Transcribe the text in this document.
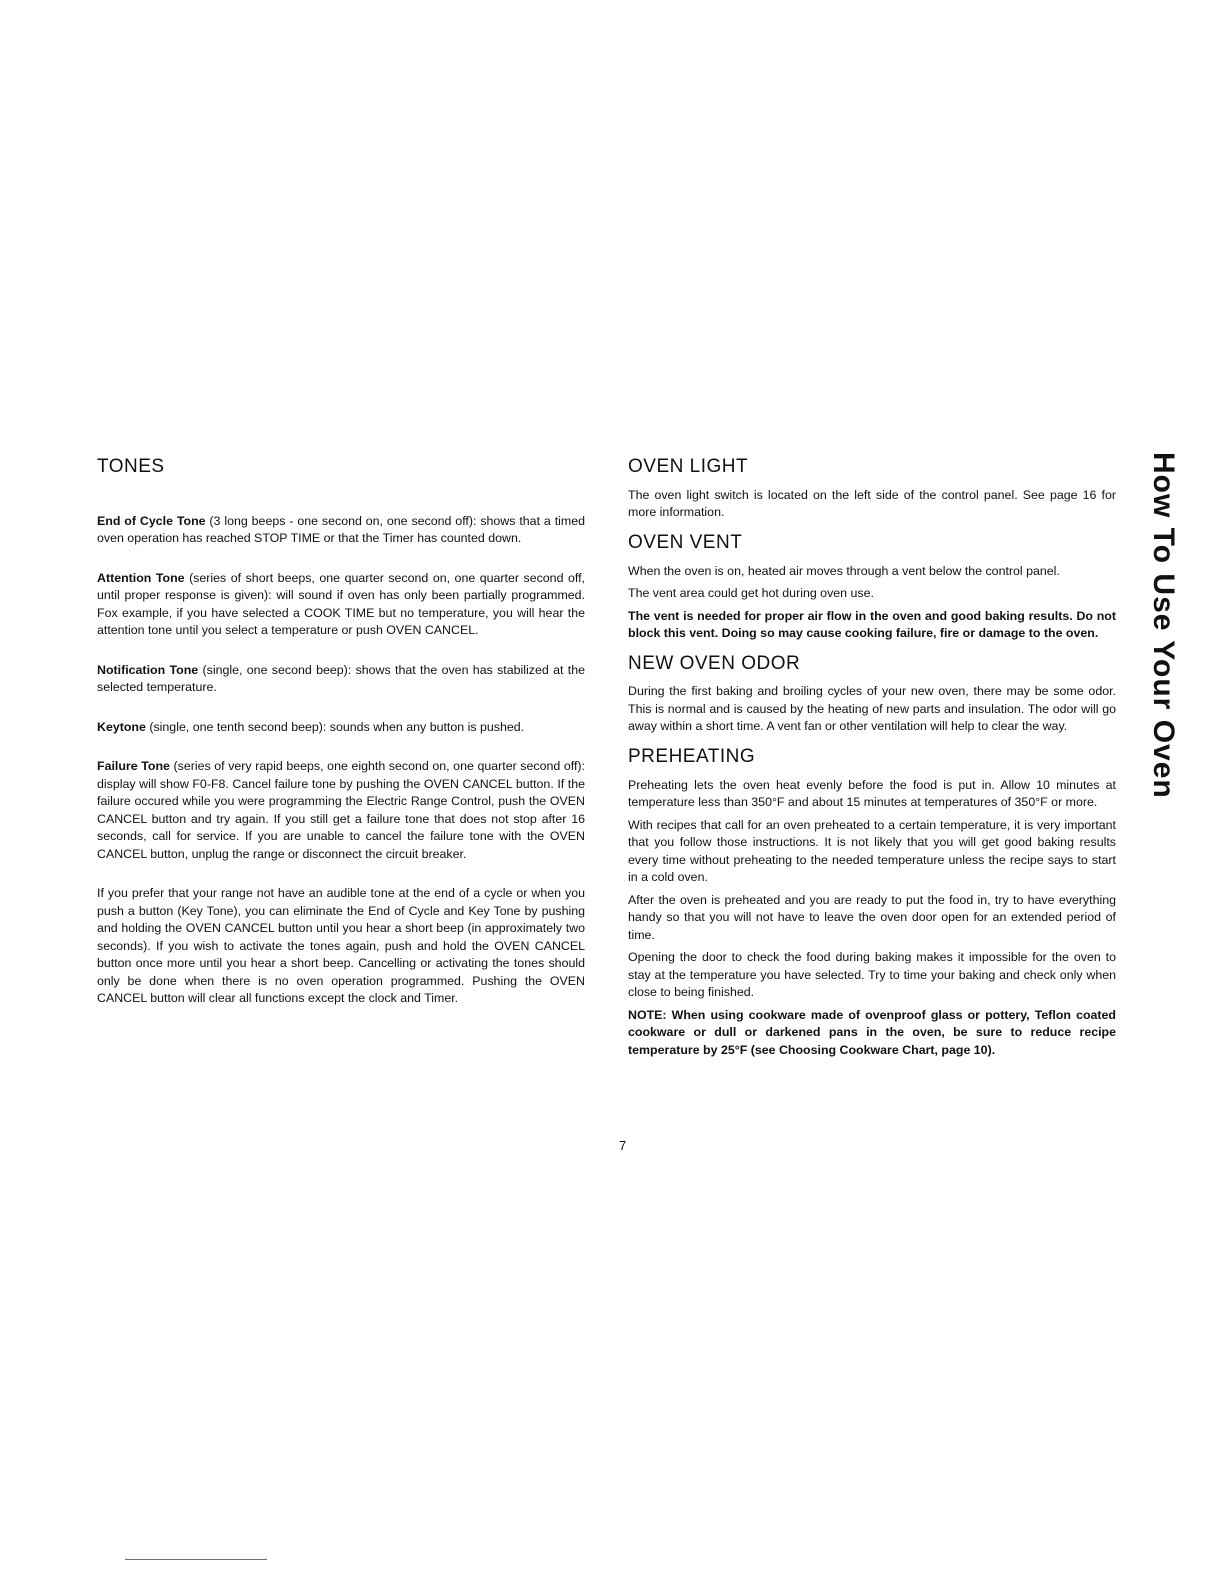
TONES

End of Cycle Tone (3 long beeps - one second on, one second off): shows that a timed oven operation has reached STOP TIME or that the Timer has counted down.

Attention Tone (series of short beeps, one quarter second on, one quarter second off, until proper response is given): will sound if oven has only been partially programmed. Fox example, if you have selected a COOK TIME but no temperature, you will hear the attention tone until you select a temperature or push OVEN CANCEL.

Notification Tone (single, one second beep): shows that the oven has stabilized at the selected temperature.

Keytone (single, one tenth second beep): sounds when any button is pushed.

Failure Tone (series of very rapid beeps, one eighth second on, one quarter second off): display will show F0-F8. Cancel failure tone by pushing the OVEN CANCEL button. If the failure occured while you were programming the Electric Range Control, push the OVEN CANCEL button and try again. If you still get a failure tone that does not stop after 16 seconds, call for service. If you are unable to cancel the failure tone with the OVEN CANCEL button, unplug the range or disconnect the circuit breaker.

If you prefer that your range not have an audible tone at the end of a cycle or when you push a button (Key Tone), you can eliminate the End of Cycle and Key Tone by pushing and holding the OVEN CANCEL button until you hear a short beep (in approximately two seconds). If you wish to activate the tones again, push and hold the OVEN CANCEL button once more until you hear a short beep. Cancelling or activating the tones should only be done when there is no oven operation programmed. Pushing the OVEN CANCEL button will clear all functions except the clock and Timer.

OVEN LIGHT

The oven light switch is located on the left side of the control panel. See page 16 for more information.

OVEN VENT

When the oven is on, heated air moves through a vent below the control panel.

The vent area could get hot during oven use.

The vent is needed for proper air flow in the oven and good baking results. Do not block this vent. Doing so may cause cooking failure, fire or damage to the oven.

NEW OVEN ODOR

During the first baking and broiling cycles of your new oven, there may be some odor. This is normal and is caused by the heating of new parts and insulation. The odor will go away within a short time. A vent fan or other ventilation will help to clear the way.

PREHEATING

Preheating lets the oven heat evenly before the food is put in. Allow 10 minutes at temperature less than 350°F and about 15 minutes at temperatures of 350°F or more.

With recipes that call for an oven preheated to a certain temperature, it is very important that you follow those instructions. It is not likely that you will get good baking results every time without preheating to the needed temperature unless the recipe says to start in a cold oven.

After the oven is preheated and you are ready to put the food in, try to have everything handy so that you will not have to leave the oven door open for an extended period of time.

Opening the door to check the food during baking makes it impossible for the oven to stay at the temperature you have selected. Try to time your baking and check only when close to being finished.

NOTE: When using cookware made of ovenproof glass or pottery, Teflon coated cookware or dull or darkened pans in the oven, be sure to reduce recipe temperature by 25°F (see Choosing Cookware Chart, page 10).

7
How To Use Your Oven
